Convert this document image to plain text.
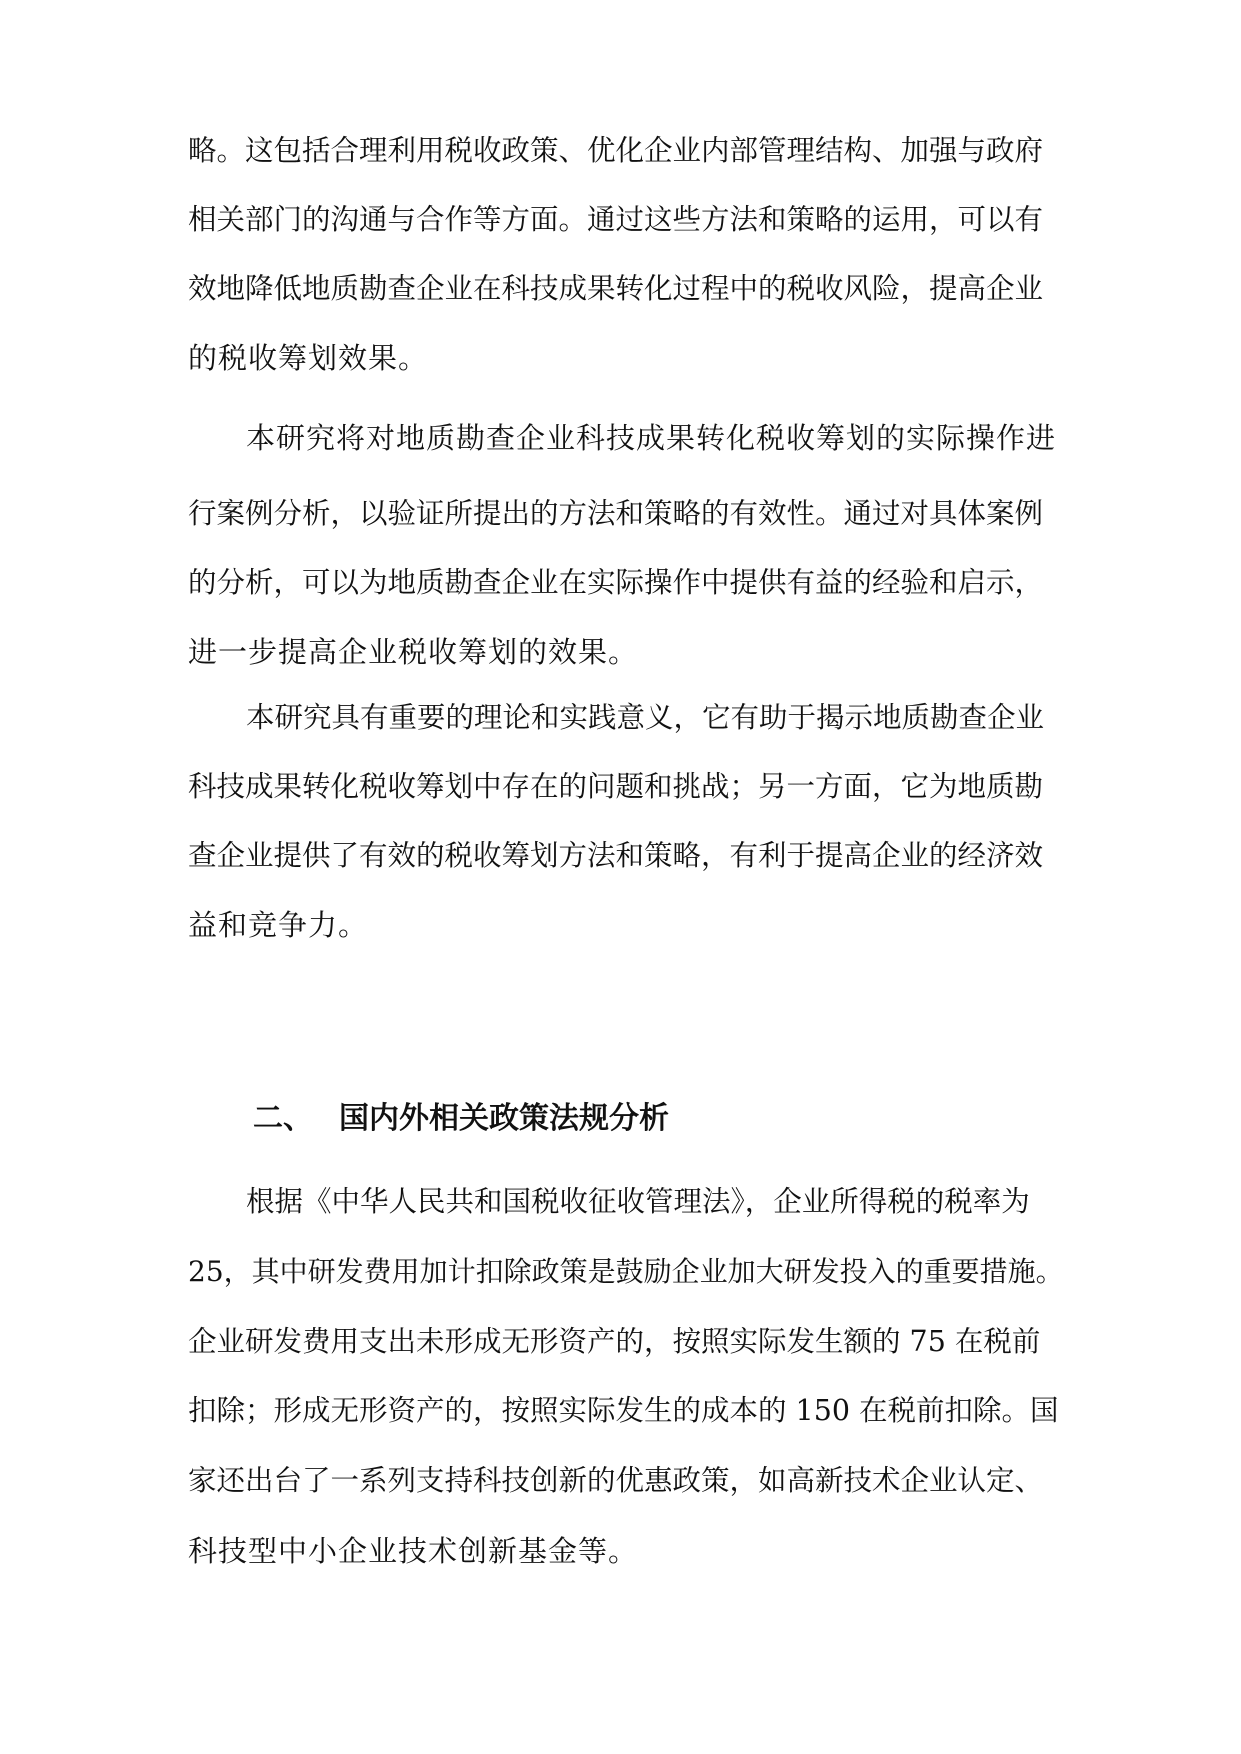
略。这包括合理利用税收政策、优化企业内部管理结构、加强与政府
相关部门的沟通与合作等方面。通过这些方法和策略的运用，可以有
效地降低地质勘查企业在科技成果转化过程中的税收风险，提高企业
的税收筹划效果。
本研究将对地质勘查企业科技成果转化税收筹划的实际操作进
行案例分析，以验证所提出的方法和策略的有效性。通过对具体案例
的分析，可以为地质勘查企业在实际操作中提供有益的经验和启示，
进一步提高企业税收筹划的效果。
本研究具有重要的理论和实践意义，它有助于揭示地质勘查企业
科技成果转化税收筹划中存在的问题和挑战；另一方面，它为地质勘
查企业提供了有效的税收筹划方法和策略，有利于提高企业的经济效
益和竞争力。
二、 国内外相关政策法规分析
根据《中华人民共和国税收征收管理法》，企业所得税的税率为
25，其中研发费用加计扣除政策是鼓励企业加大研发投入的重要措施。
企业研发费用支出未形成无形资产的，按照实际发生额的 75 在税前
扣除；形成无形资产的，按照实际发生的成本的 150 在税前扣除。国
家还出台了一系列支持科技创新的优惠政策，如高新技术企业认定、
科技型中小企业技术创新基金等。
